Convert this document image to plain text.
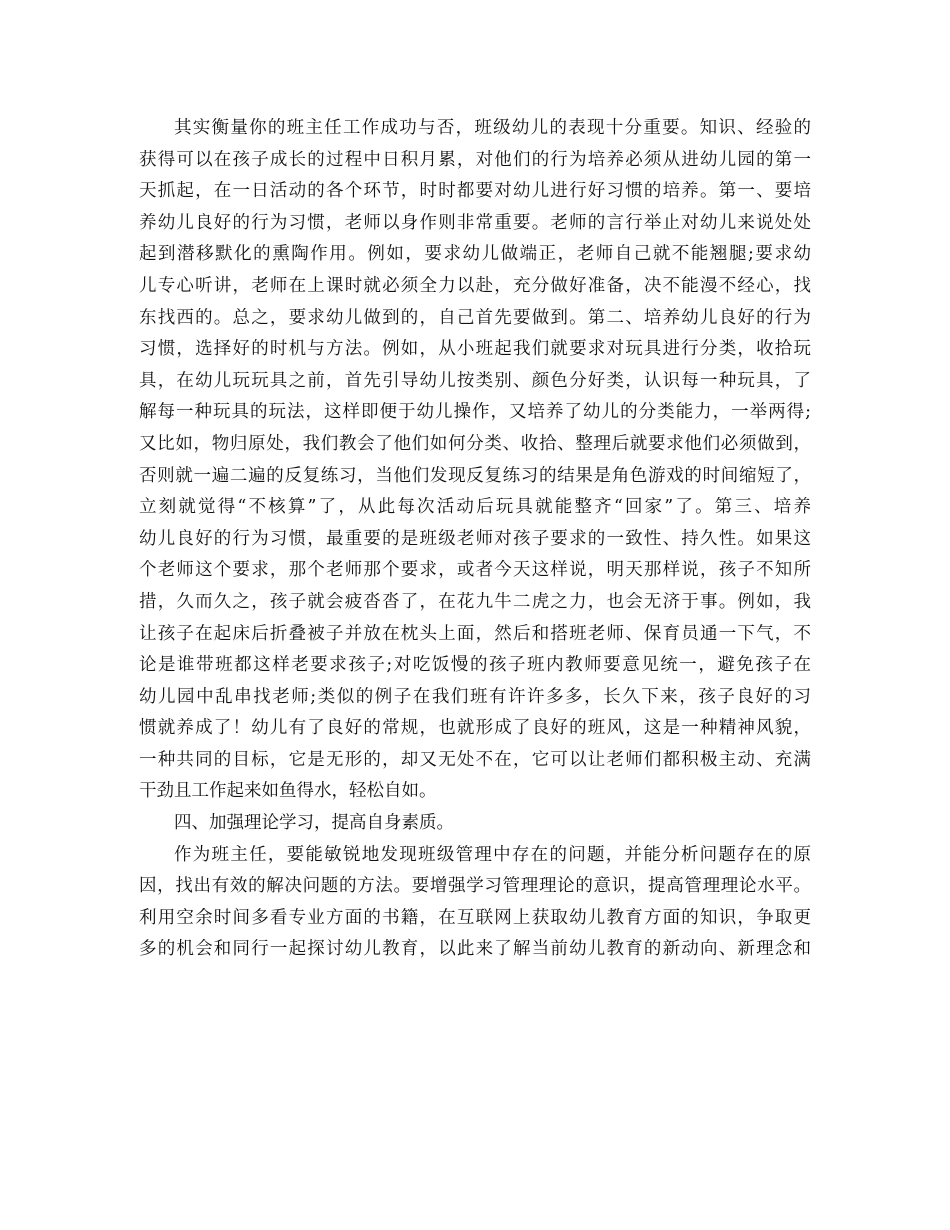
其实衡量你的班主任工作成功与否，班级幼儿的表现十分重要。知识、经验的
获得可以在孩子成长的过程中日积月累，对他们的行为培养必须从进幼儿园的第一
天抓起，在一日活动的各个环节，时时都要对幼儿进行好习惯的培养。第一、要培
养幼儿良好的行为习惯，老师以身作则非常重要。老师的言行举止对幼儿来说处处
起到潜移默化的熏陶作用。例如，要求幼儿做端正，老师自己就不能翘腿;要求幼
儿专心听讲，老师在上课时就必须全力以赴，充分做好准备，决不能漫不经心，找
东找西的。总之，要求幼儿做到的，自己首先要做到。第二、培养幼儿良好的行为
习惯，选择好的时机与方法。例如，从小班起我们就要求对玩具进行分类，收拾玩
具，在幼儿玩玩具之前，首先引导幼儿按类别、颜色分好类，认识每一种玩具，了
解每一种玩具的玩法，这样即便于幼儿操作，又培养了幼儿的分类能力，一举两得;
又比如，物归原处，我们教会了他们如何分类、收拾、整理后就要求他们必须做到，
否则就一遍二遍的反复练习，当他们发现反复练习的结果是角色游戏的时间缩短了，
立刻就觉得“不核算”了，从此每次活动后玩具就能整齐“回家”了。第三、培养
幼儿良好的行为习惯，最重要的是班级老师对孩子要求的一致性、持久性。如果这
个老师这个要求，那个老师那个要求，或者今天这样说，明天那样说，孩子不知所
措，久而久之，孩子就会疲沓沓了，在花九牛二虎之力，也会无济于事。例如，我
让孩子在起床后折叠被子并放在枕头上面，然后和搭班老师、保育员通一下气，不
论是谁带班都这样老要求孩子;对吃饭慢的孩子班内教师要意见统一，避免孩子在
幼儿园中乱串找老师;类似的例子在我们班有许许多多，长久下来，孩子良好的习
惯就养成了！幼儿有了良好的常规，也就形成了良好的班风，这是一种精神风貌，
一种共同的目标，它是无形的，却又无处不在，它可以让老师们都积极主动、充满
干劲且工作起来如鱼得水，轻松自如。
四、加强理论学习，提高自身素质。
作为班主任，要能敏锐地发现班级管理中存在的问题，并能分析问题存在的原
因，找出有效的解决问题的方法。要增强学习管理理论的意识，提高管理理论水平。
利用空余时间多看专业方面的书籍，在互联网上获取幼儿教育方面的知识，争取更
多的机会和同行一起探讨幼儿教育，以此来了解当前幼儿教育的新动向、新理念和
